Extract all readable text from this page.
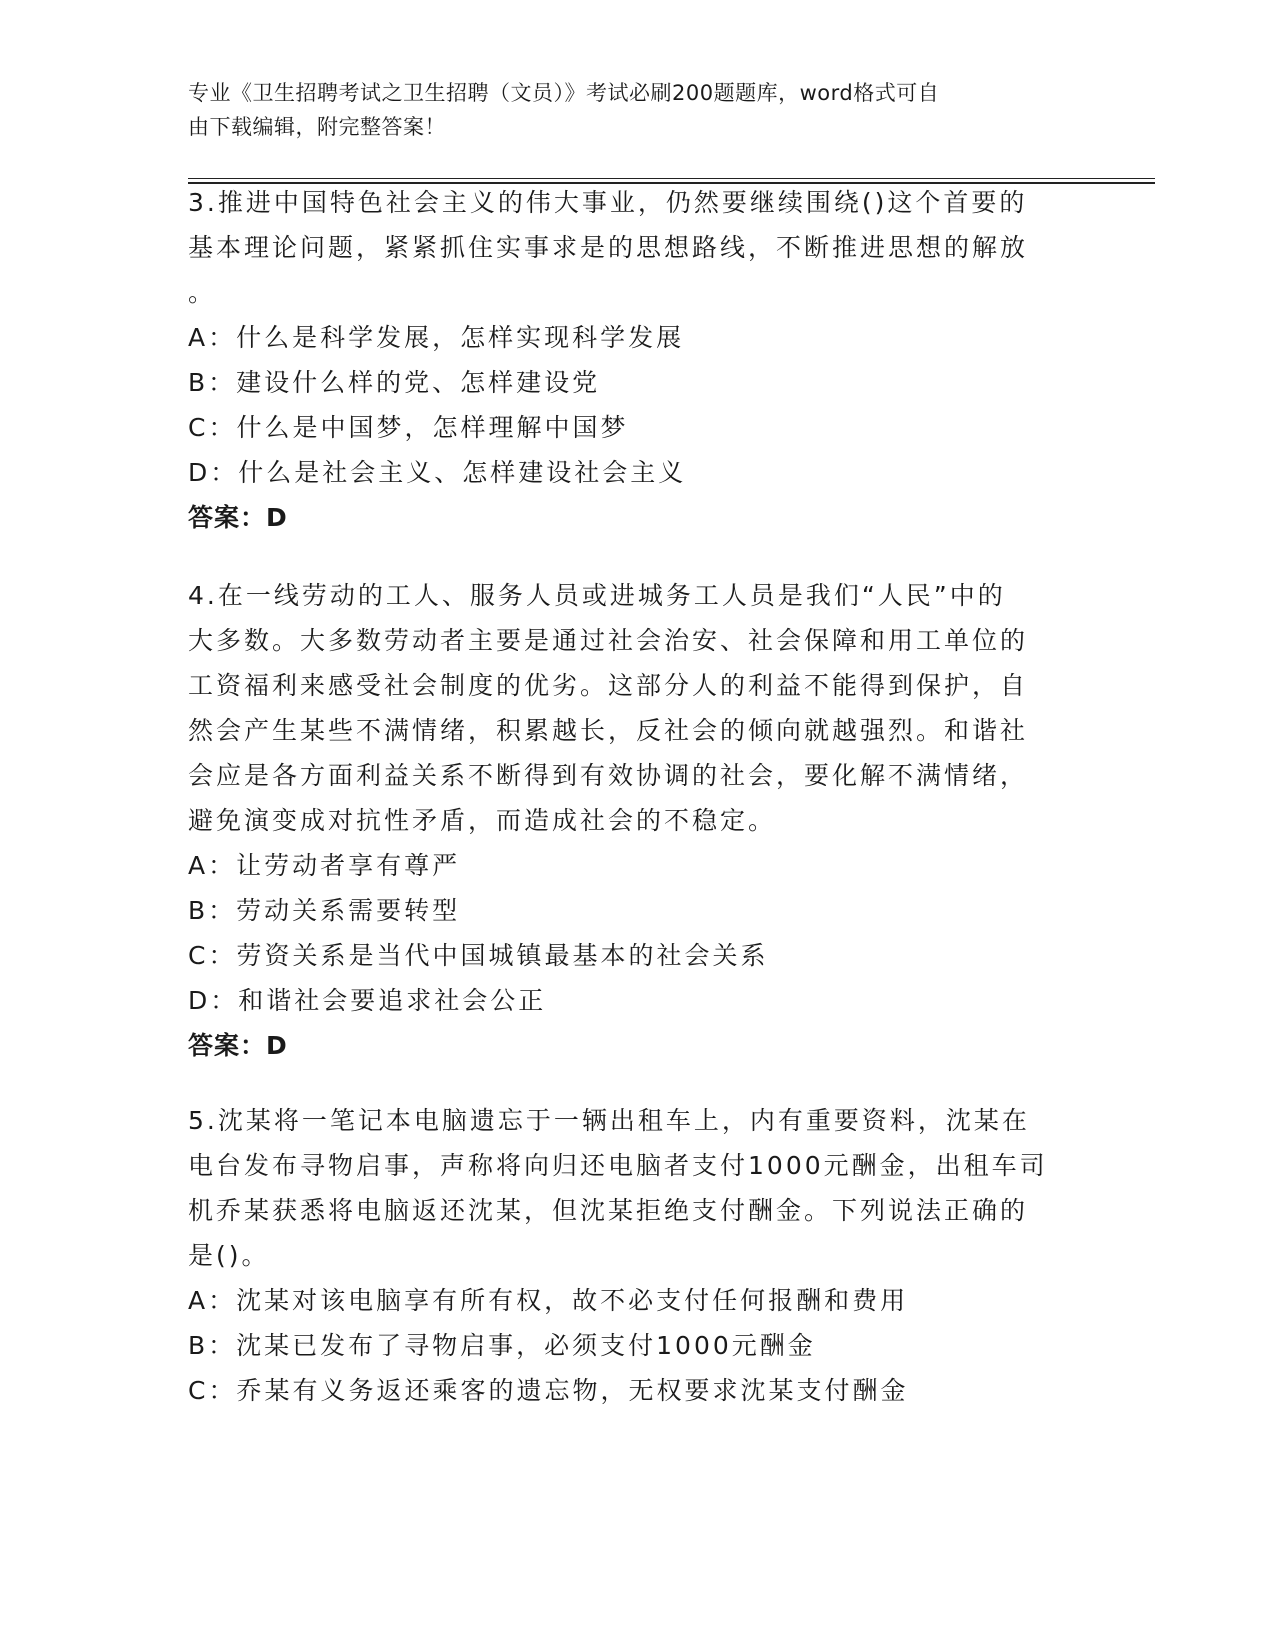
专业《卫生招聘考试之卫生招聘（文员）》考试必刷200题题库，word格式可自
由下载编辑，附完整答案！
3.推进中国特色社会主义的伟大事业，仍然要继续围绕()这个首要的
基本理论问题，紧紧抓住实事求是的思想路线，不断推进思想的解放
。
A：什么是科学发展，怎样实现科学发展
B：建设什么样的党、怎样建设党
C：什么是中国梦，怎样理解中国梦
D：什么是社会主义、怎样建设社会主义
答案：D
4.在一线劳动的工人、服务人员或进城务工人员是我们“人民”中的
大多数。大多数劳动者主要是通过社会治安、社会保障和用工单位的
工资福利来感受社会制度的优劣。这部分人的利益不能得到保护，自
然会产生某些不满情绪，积累越长，反社会的倾向就越强烈。和谐社
会应是各方面利益关系不断得到有效协调的社会，要化解不满情绪，
避免演变成对抗性矛盾，而造成社会的不稳定。
A：让劳动者享有尊严
B：劳动关系需要转型
C：劳资关系是当代中国城镇最基本的社会关系
D：和谐社会要追求社会公正
答案：D
5.沈某将一笔记本电脑遗忘于一辆出租车上，内有重要资料，沈某在
电台发布寻物启事，声称将向归还电脑者支付1000元酬金，出租车司
机乔某获悉将电脑返还沈某，但沈某拒绝支付酬金。下列说法正确的
是()。
A：沈某对该电脑享有所有权，故不必支付任何报酬和费用
B：沈某已发布了寻物启事，必须支付1000元酬金
C：乔某有义务返还乘客的遗忘物，无权要求沈某支付酬金
